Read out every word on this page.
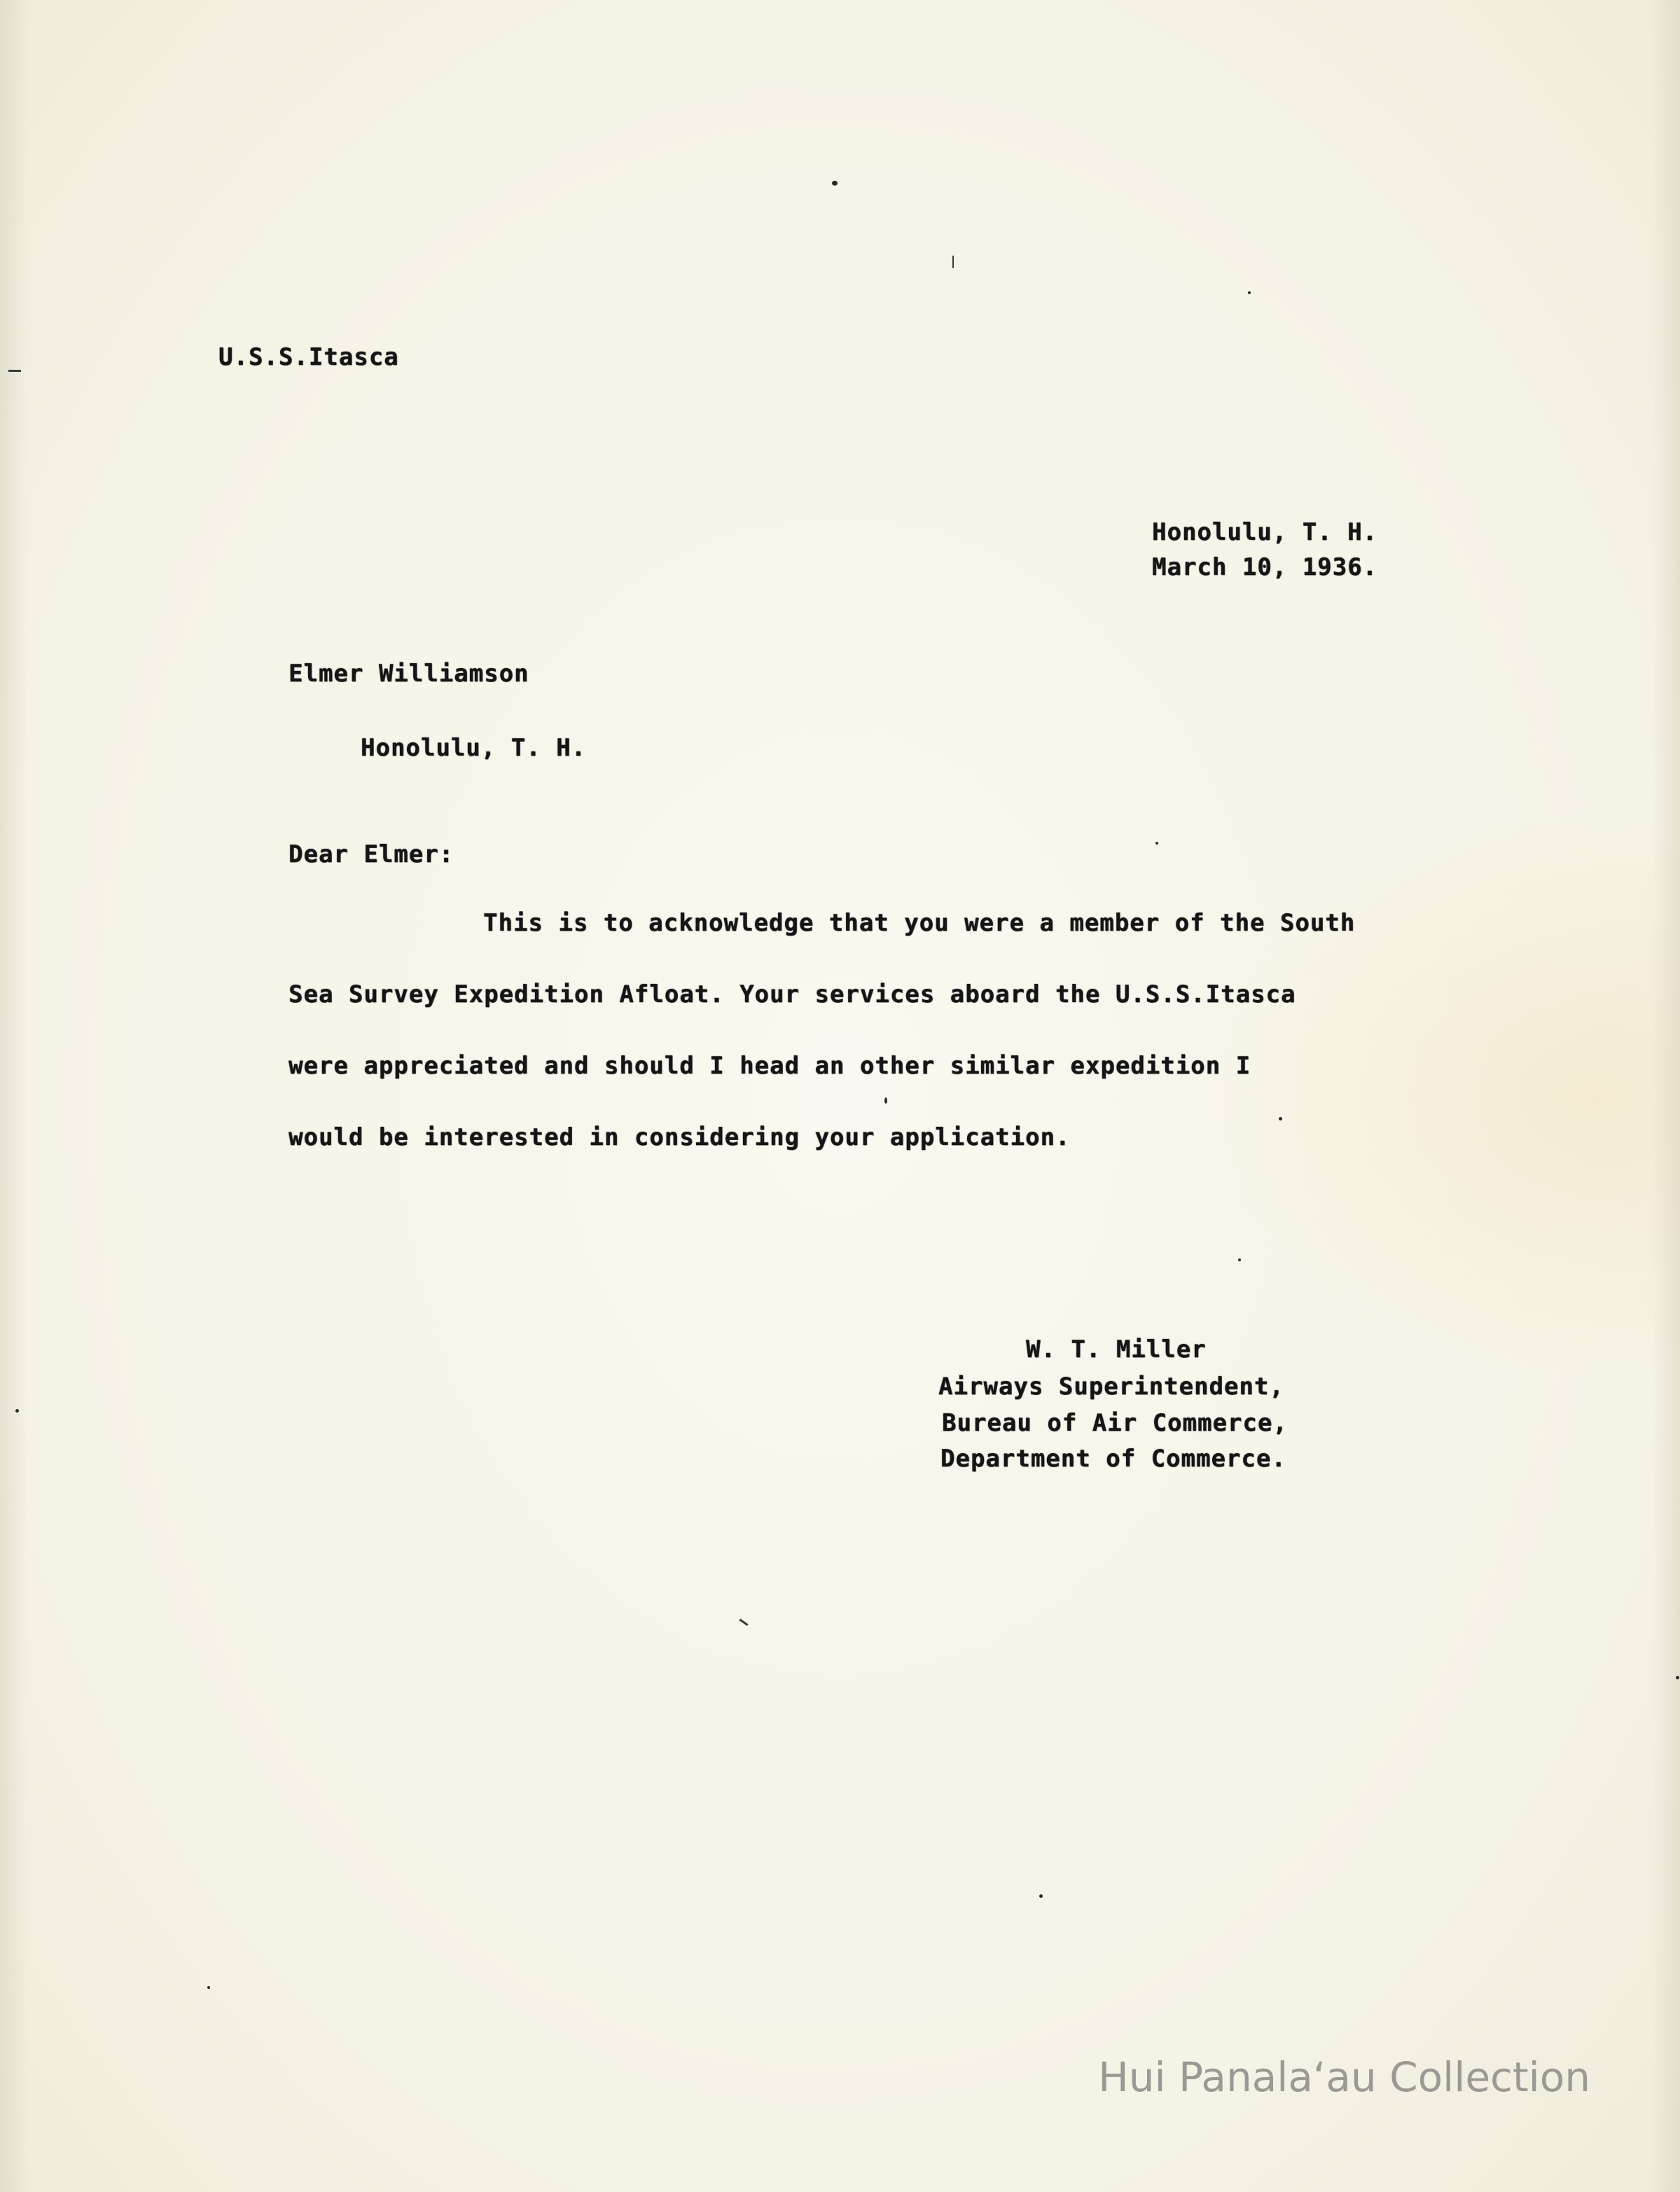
U.S.S.Itasca
Honolulu, T. H.
March 10, 1936.
Elmer Williamson
Honolulu, T. H.
Dear Elmer:
This is to acknowledge that you were a member of the South
Sea Survey Expedition Afloat. Your services aboard the U.S.S.Itasca
were appreciated and should I head an other similar expedition I
would be interested in considering your application.
W. T. Miller
Airways Superintendent,
Bureau of Air Commerce,
Department of Commerce.
Hui Panala‘au Collection
